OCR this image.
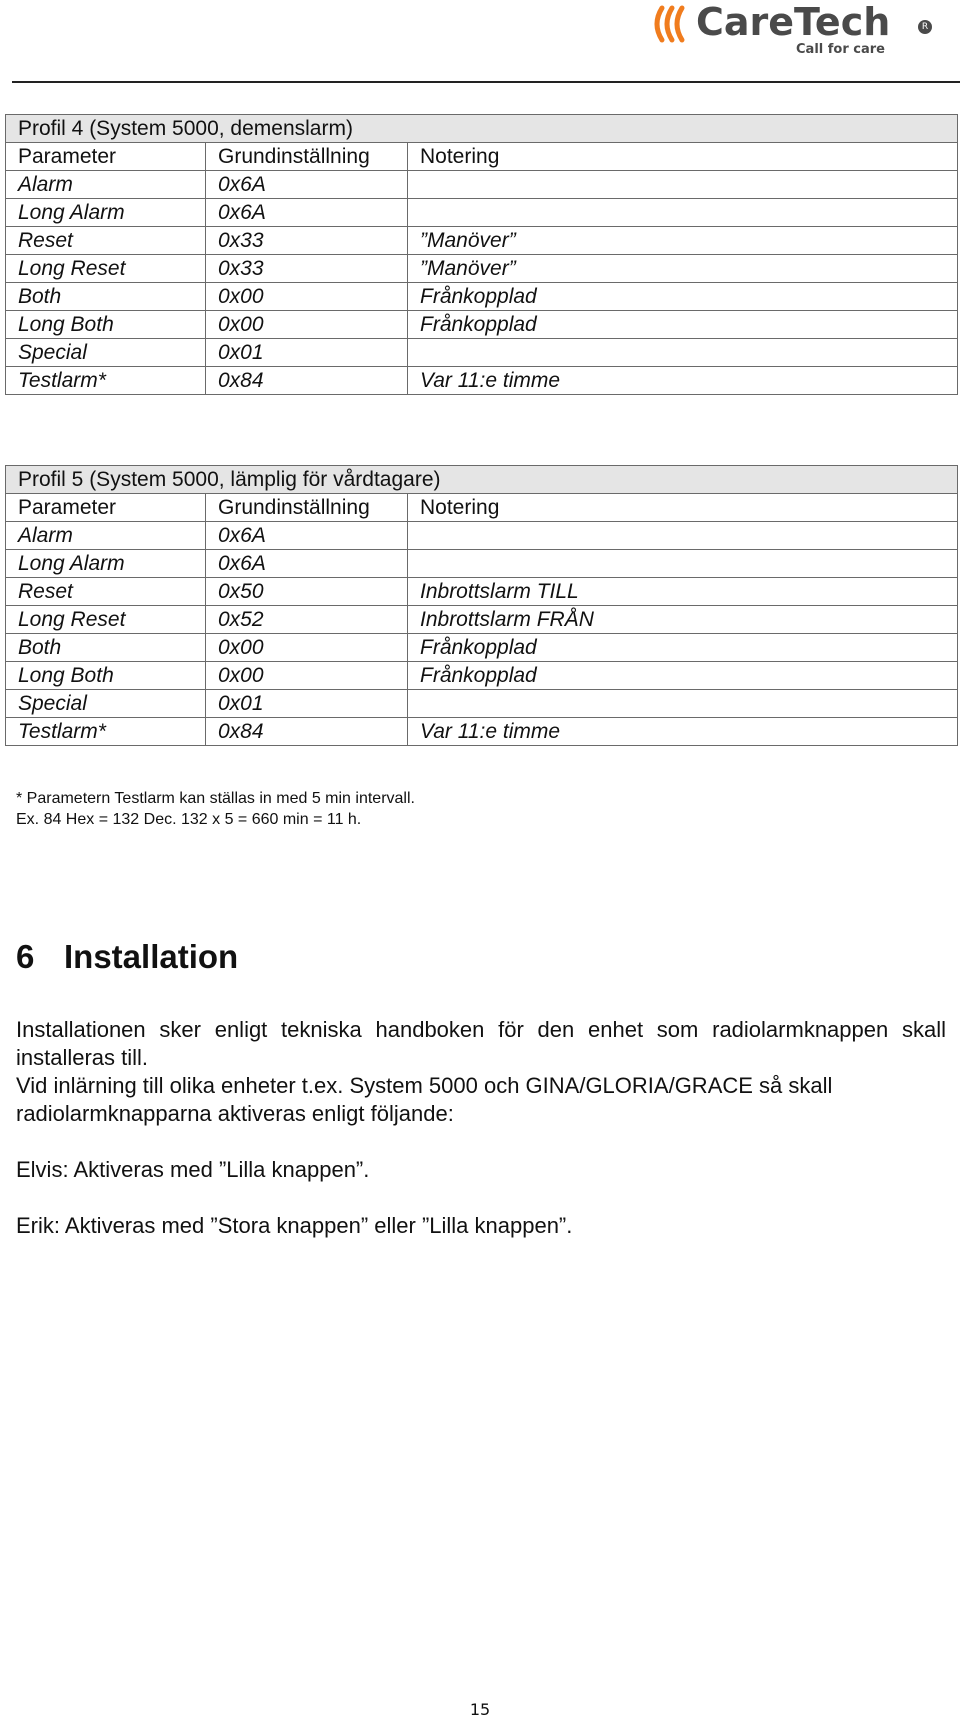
CareTech	R
Call for care
Profil 4 (System 5000, demenslarm)		
Parameter	Grundinställning	Notering
Alarm	0x6A	
Long Alarm	0x6A	
Reset	0x33	”Manöver”
Long Reset	0x33	”Manöver”
Both	0x00	Frånkopplad
Long Both	0x00	Frånkopplad
Special	0x01	
Testlarm*	0x84	Var 11:e timme
Profil 5 (System 5000, lämplig för vårdtagare)		
Parameter	Grundinställning	Notering
Alarm	0x6A	
Long Alarm	0x6A	
Reset	0x50	Inbrottslarm TILL
Long Reset	0x52	Inbrottslarm FRÅN
Both	0x00	Frånkopplad
Long Both	0x00	Frånkopplad
Special	0x01	
Testlarm*	0x84	Var 11:e timme
* Parametern Testlarm kan ställas in med 5 min intervall.
Ex. 84 Hex = 132 Dec. 132 x 5 = 660 min = 11 h.
6 Installation
Installationen sker enligt tekniska handboken för den enhet som radiolarmknappen skall installeras till.
Vid inlärning till olika enheter t.ex. System 5000 och GINA/GLORIA/GRACE så skall radiolarmknapparna aktiveras enligt följande:
Elvis: Aktiveras med ”Lilla knappen”.
Erik: Aktiveras med ”Stora knappen” eller ”Lilla knappen”.
15
